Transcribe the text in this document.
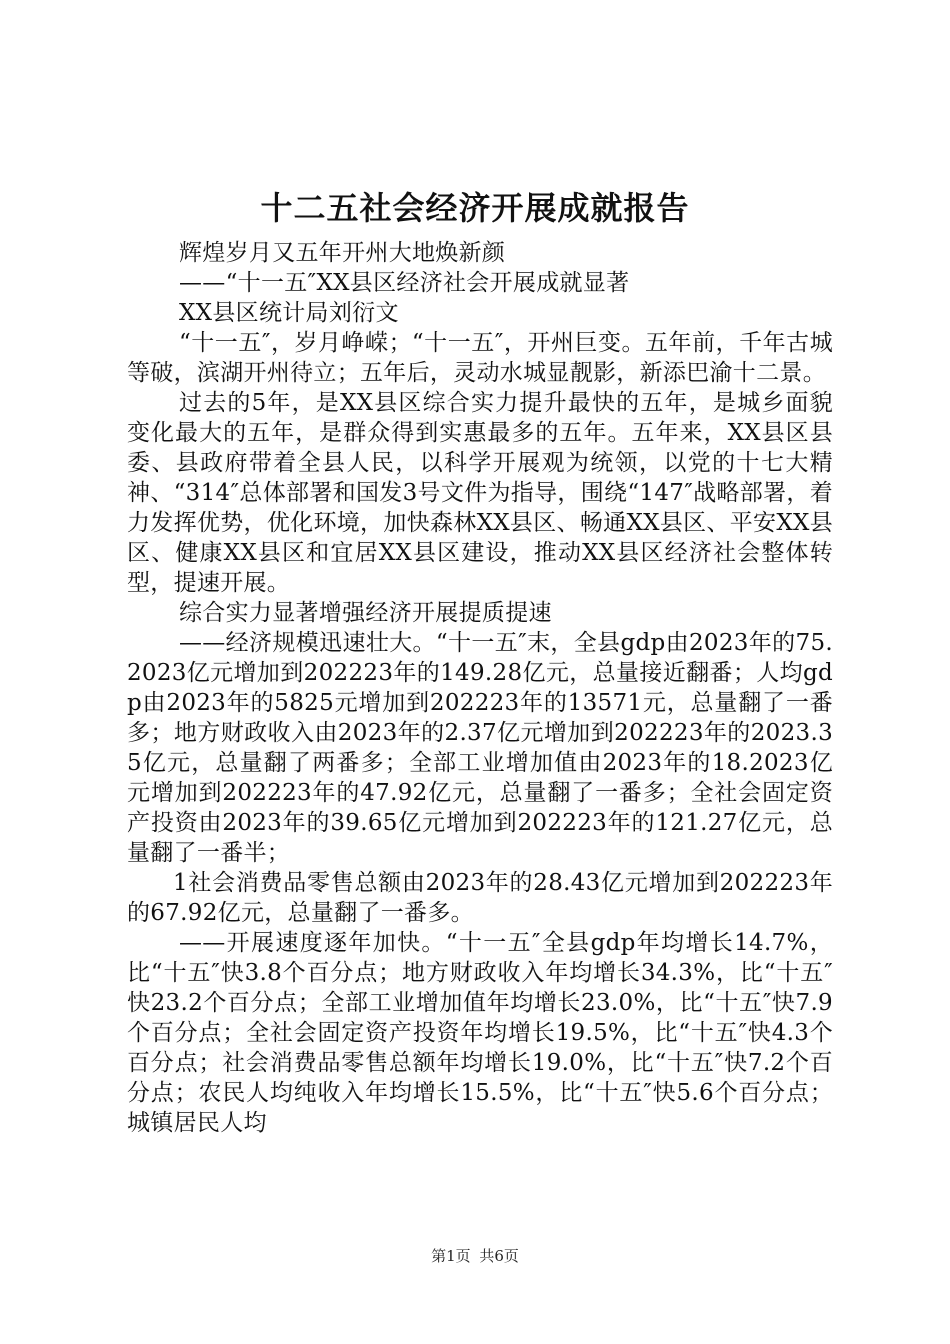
十二五社会经济开展成就报告

辉煌岁月又五年开州大地焕新颜

——“十一五″XX县区经济社会开展成就显著

XX县区统计局刘衍文

“十一五″，岁月峥嵘；“十一五″，开州巨变。五年前，千年古城等破，滨湖开州待立；五年后，灵动水城显靓影，新添巴渝十二景。

过去的5年，是XX县区综合实力提升最快的五年，是城乡面貌变化最大的五年，是群众得到实惠最多的五年。五年来，XX县区县委、县政府带着全县人民，以科学开展观为统领，以党的十七大精神、“314″总体部署和国发3号文件为指导，围绕“147″战略部署，着力发挥优势，优化环境，加快森林XX县区、畅通XX县区、平安XX县区、健康XX县区和宜居XX县区建设，推动XX县区经济社会整体转型，提速开展。

综合实力显著增强经济开展提质提速

——经济规模迅速壮大。“十一五″末，全县gdp由2023年的75.2023亿元增加到202223年的149.28亿元，总量接近翻番；人均gdp由2023年的5825元增加到202223年的13571元，总量翻了一番多；地方财政收入由2023年的2.37亿元增加到202223年的2023.35亿元，总量翻了两番多；全部工业增加值由2023年的18.2023亿元增加到202223年的47.92亿元，总量翻了一番多；全社会固定资产投资由2023年的39.65亿元增加到202223年的121.27亿元，总量翻了一番半；

1社会消费品零售总额由2023年的28.43亿元增加到202223年的67.92亿元，总量翻了一番多。

——开展速度逐年加快。“十一五″全县gdp年均增长14.7%，比“十五″快3.8个百分点；地方财政收入年均增长34.3%，比“十五″快23.2个百分点；全部工业增加值年均增长23.0%，比“十五″快7.9个百分点；全社会固定资产投资年均增长19.5%，比“十五″快4.3个百分点；社会消费品零售总额年均增长19.0%，比“十五″快7.2个百分点；农民人均纯收入年均增长15.5%，比“十五″快5.6个百分点；城镇居民人均

第1页 共6页
